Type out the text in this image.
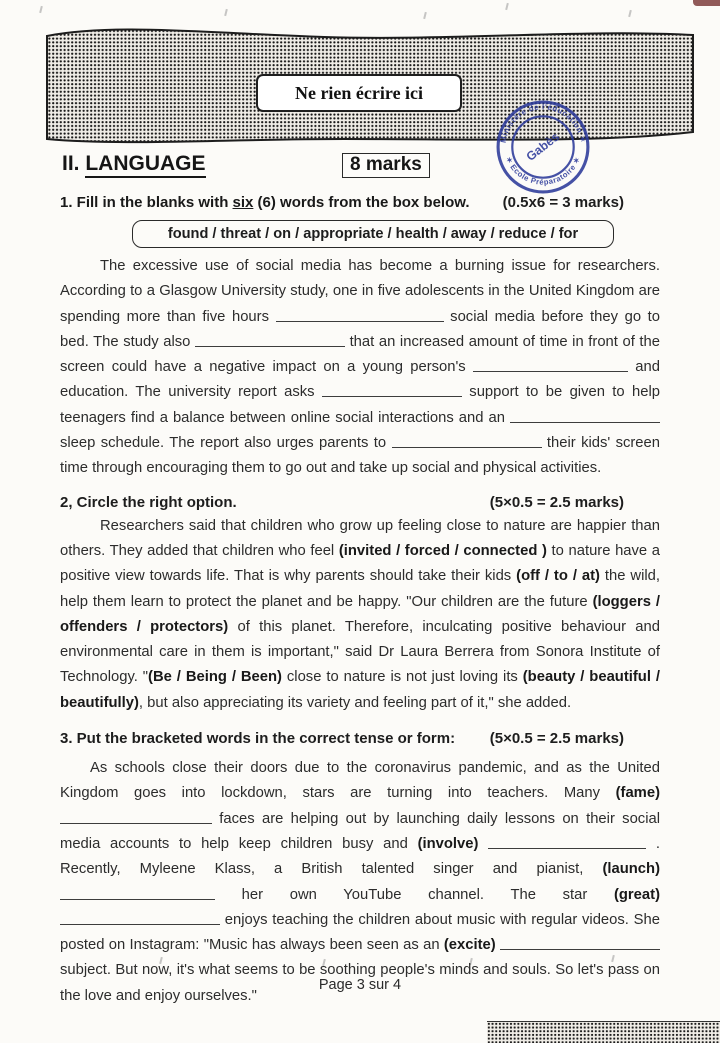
Ne rien écrire ici
Ministère de l'éducation ✶
✶ Ecole Préparatoire ✶
Gabès
II. LANGUAGE	8 marks
1. Fill in the blanks with six (6) words from the box below. (0.5x6 = 3 marks)
found / threat / on / appropriate / health / away / reduce / for

The excessive use of social media has become a burning issue for researchers. According to a Glasgow University study, one in five adolescents in the United Kingdom are spending more than five hours	social media before they go to bed. The study also	that an increased amount of time in front of the screen could have a negative impact on a young person's	and education. The university report asks	support to be given to help teenagers find a balance between online social interactions and an  sleep schedule. The report also urges parents to	their kids' screen time through encouraging them to go out and take up social and physical activities.

2, Circle the right option.	(5×0.5 = 2.5 marks)

Researchers said that children who grow up feeling close to nature are happier than others. They added that children who feel (invited / forced / connected ) to nature have a positive view towards life. That is why parents should take their kids (off / to / at) the wild, help them learn to protect the planet and be happy. "Our children are the future (loggers / offenders / protectors) of this planet. Therefore, inculcating positive behaviour and environmental care in them is important," said Dr Laura Berrera from Sonora Institute of Technology. "(Be / Being / Been) close to nature is not just loving its (beauty / beautiful / beautifully), but also appreciating its variety and feeling part of it," she added.

3. Put the bracketed words in the correct tense or form: (5×0.5 = 2.5 marks)

As schools close their doors due to the coronavirus pandemic, and as the United Kingdom goes into lockdown, stars are turning into teachers. Many (fame)  faces are helping out by launching daily lessons on their social media accounts to help keep children busy and (involve)	. Recently, Myleene Klass, a British talented singer and pianist, (launch)  her own YouTube channel. The star (great)  enjoys teaching the children about music with regular videos. She posted on Instagram: "Music has always been seen as an (excite)  subject. But now, it's what seems to be soothing people's minds and souls. So let's pass on the love and enjoy ourselves."

Page 3 sur 4
